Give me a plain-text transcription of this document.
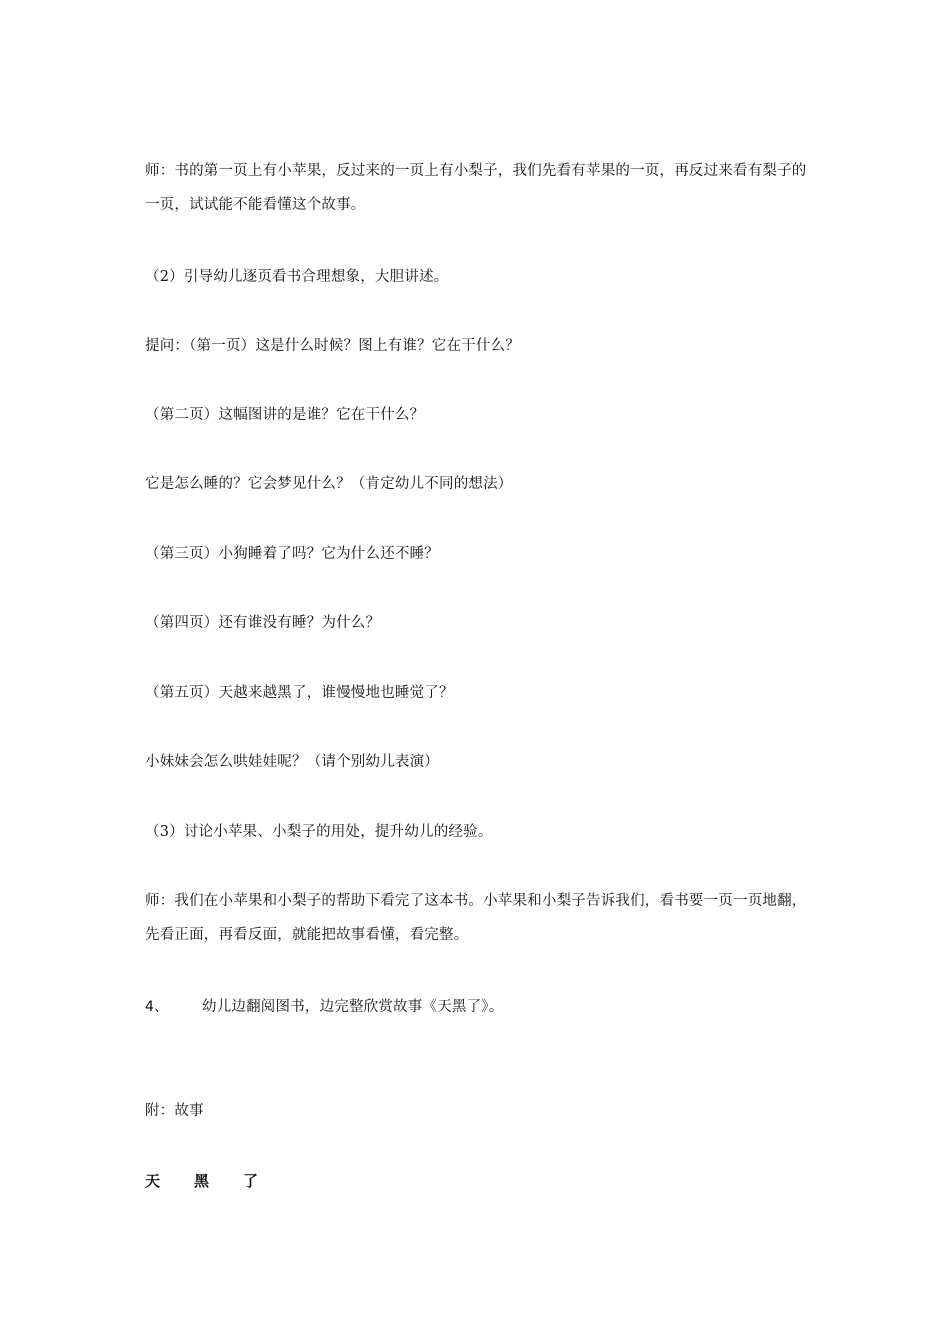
师：书的第一页上有小苹果，反过来的一页上有小梨子，我们先看有苹果的一页，再反过来看有梨子的一页，试试能不能看懂这个故事。
（2）引导幼儿逐页看书合理想象，大胆讲述。
提问：（第一页）这是什么时候？图上有谁？它在干什么？
（第二页）这幅图讲的是谁？它在干什么？
它是怎么睡的？它会梦见什么？（肯定幼儿不同的想法）
（第三页）小狗睡着了吗？它为什么还不睡？
（第四页）还有谁没有睡？为什么？
（第五页）天越来越黑了，谁慢慢地也睡觉了？
小妹妹会怎么哄娃娃呢？（请个别幼儿表演）
（3）讨论小苹果、小梨子的用处，提升幼儿的经验。
师：我们在小苹果和小梨子的帮助下看完了这本书。小苹果和小梨子告诉我们，看书要一页一页地翻，先看正面，再看反面，就能把故事看懂，看完整。
4、 幼儿边翻阅图书，边完整欣赏故事《天黑了》。
附：故事
天 黑 了
